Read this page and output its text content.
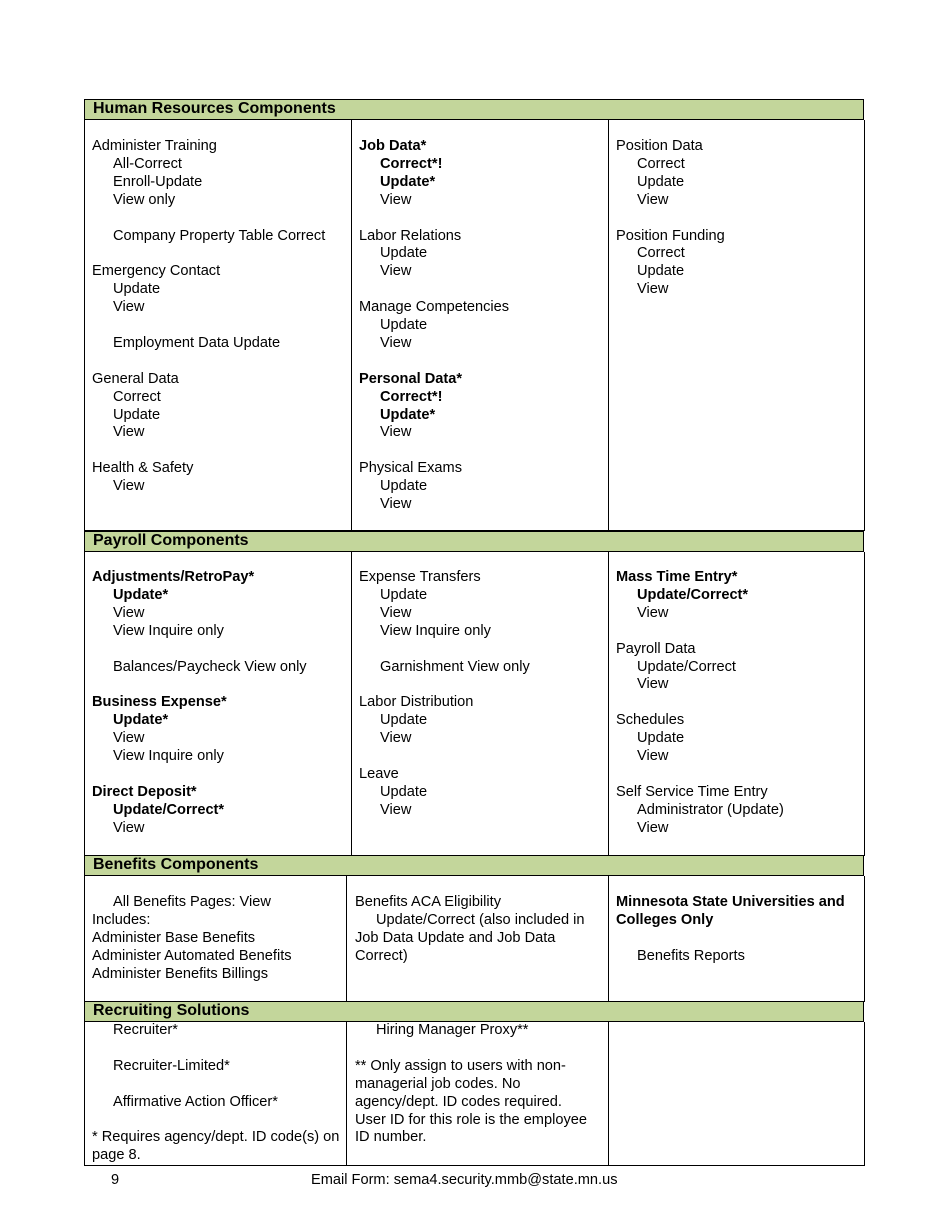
Human Resources Components
Administer Training
All-Correct
Enroll-Update
View only
Company Property Table Correct
Emergency Contact
Update
View
Employment Data Update
General Data
Correct
Update
View
Health & Safety
View
Job Data*
Correct*!
Update*
View
Labor Relations
Update
View
Manage Competencies
Update
View
Personal Data*
Correct*!
Update*
View
Physical Exams
Update
View
Position Data
Correct
Update
View
Position Funding
Correct
Update
View
Payroll Components
Adjustments/RetroPay*
Update*
View
View Inquire only
Balances/Paycheck View only
Business Expense*
Update*
View
View Inquire only
Direct Deposit*
Update/Correct*
View
Expense Transfers
Update
View
View Inquire only
Garnishment View only
Labor Distribution
Update
View
Leave
Update
View
Mass Time Entry*
Update/Correct*
View
Payroll Data
Update/Correct
View
Schedules
Update
View
Self Service Time Entry
Administrator (Update)
View
Benefits Components
All Benefits Pages: View
Includes:
Administer Base Benefits
Administer Automated Benefits
Administer Benefits Billings
Benefits ACA Eligibility
Update/Correct (also included in Job Data Update and Job Data Correct)
Minnesota State Universities and Colleges Only
Benefits Reports
Recruiting Solutions
Recruiter*
Recruiter-Limited*
Affirmative Action Officer*
* Requires agency/dept. ID code(s) on page 8.
Hiring Manager Proxy**
** Only assign to users with non-managerial job codes. No agency/dept. ID codes required. User ID for this role is the employee ID number.
9	Email Form: sema4.security.mmb@state.mn.us
